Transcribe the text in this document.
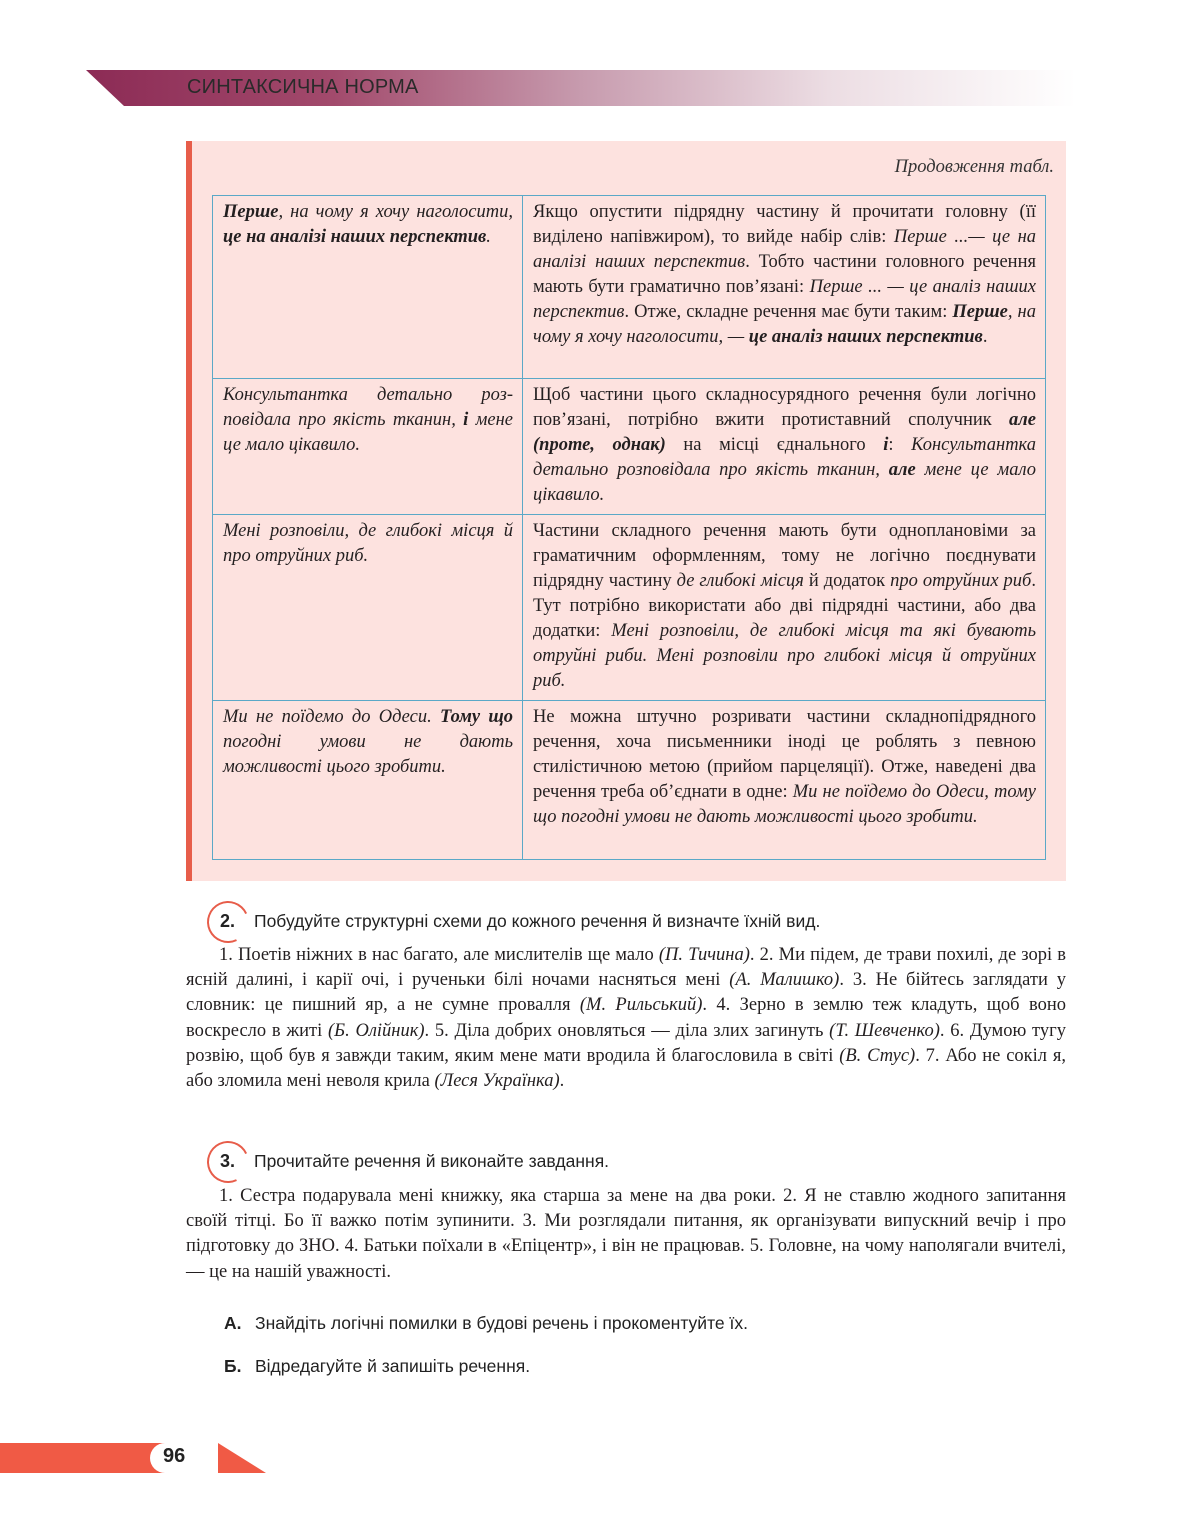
СИНТАКСИЧНА НОРМА
Продовження табл.
Перше, на чому я хочу наголосити, це на аналізі наших перспектив.	Якщо опустити підрядну частину й прочитати головну (її виділено напівжиром), то вийде набір слів: Перше ...— це на аналізі наших перспектив. Тобто частини головного речення мають бути граматично пов’язані: Перше ... — це аналіз наших перспектив. Отже, складне речення має бути таким: Перше, на чому я хочу наголосити, — це аналіз наших перспектив.
Консультантка детально розповідала про якість тканин, і мене це мало цікавило.	Щоб частини цього складносурядного речення були логічно пов’язані, потрібно вжити протиставний сполучник але (проте, однак) на місці єднального і: Консультантка детально розповідала про якість тканин, але мене це мало цікавило.
Мені розповіли, де глибокі місця й про отруйних риб.	Частини складного речення мають бути одноплановіми за граматичним оформленням, тому не логічно поєднувати підрядну частину де глибокі місця й додаток про отруйних риб. Тут потрібно використати або дві підрядні частини, або два додатки: Мені розповіли, де глибокі місця та які бувають отруйні риби. Мені розповіли про глибокі місця й отруйних риб.
Ми не поїдемо до Одеси. Тому що погодні умови не дають можливості цього зробити.	Не можна штучно розривати частини складнопідрядного речення, хоча письменники іноді це роблять з певною стилістичною метою (прийом парцеляції). Отже, наведені два речення треба об’єднати в одне: Ми не поїдемо до Одеси, тому що погодні умови не дають можливості цього зробити.
2. Побудуйте структурні схеми до кожного речення й визначте їхній вид.
1. Поетів ніжних в нас багато, але мислителів ще мало (П. Тичина). 2. Ми підем, де трави похилі, де зорі в ясній далині, і карії очі, і рученьки білі ночами насняться мені (А. Малишко). 3. Не бійтесь заглядати у словник: це пишний яр, а не сумне провалля (М. Рильський). 4. Зерно в землю теж кладуть, щоб воно воскресло в житі (Б. Олійник). 5. Діла добрих оновляться — діла злих загинуть (Т. Шевченко). 6. Думою тугу розвію, щоб був я завжди таким, яким мене мати вродила й благословила в світі (В. Стус). 7. Або не сокіл я, або зломила мені неволя крила (Леся Українка).
3. Прочитайте речення й виконайте завдання.
1. Сестра подарувала мені книжку, яка старша за мене на два роки. 2. Я не ставлю жодного запитання своїй тітці. Бо її важко потім зупинити. 3. Ми розглядали питання, як організувати випускний вечір і про підготовку до ЗНО. 4. Батьки поїхали в «Епіцентр», і він не працював. 5. Головне, на чому наполягали вчителі, — це на нашій уважності.
А. Знайдіть логічні помилки в будові речень і прокоментуйте їх.
Б. Відредагуйте й запишіть речення.
96
